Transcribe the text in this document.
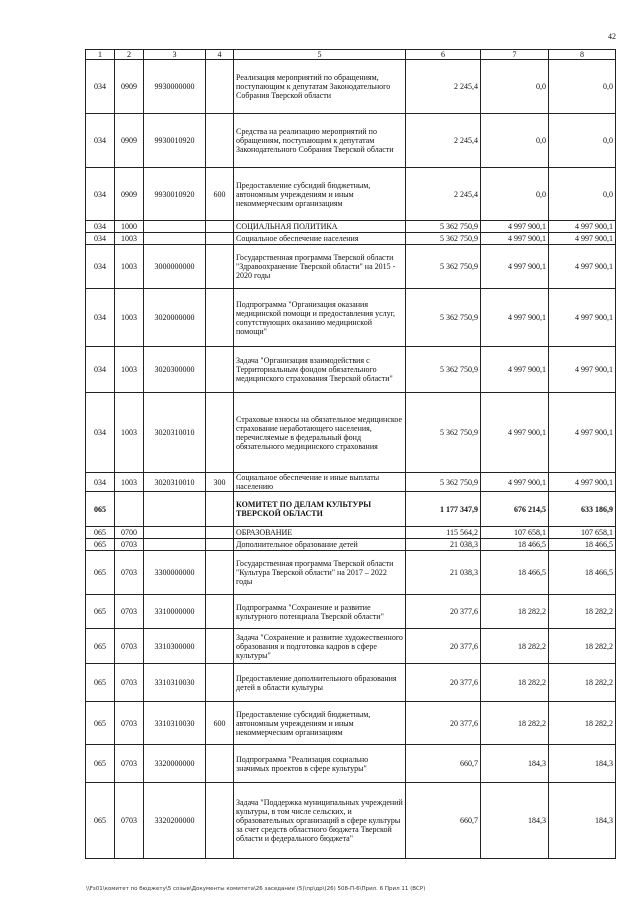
42
1	2	3	4	5	6	7	8
034	0909	9930000000		Реализация мероприятий по обращениям, поступающим к депутатам Законодательного Собрания Тверской области	2 245,4	0,0	0,0
034	0909	9930010920		Средства на реализацию мероприятий по обращениям, поступающим к депутатам Законодательного Собрания Тверской области	2 245,4	0,0	0,0
034	0909	9930010920	600	Предоставление субсидий бюджетным, автономным учреждениям и иным некоммерческим организациям	2 245,4	0,0	0,0
034	1000			СОЦИАЛЬНАЯ ПОЛИТИКА	5 362 750,9	4 997 900,1	4 997 900,1
034	1003			Социальное обеспечение населения	5 362 750,9	4 997 900,1	4 997 900,1
034	1003	3000000000		Государственная программа Тверской области "Здравоохранение Тверской области" на 2015 - 2020 годы	5 362 750,9	4 997 900,1	4 997 900,1
034	1003	3020000000		Подпрограмма "Организация оказания медицинской помощи и предоставления услуг, сопутствующих оказанию медицинской помощи"	5 362 750,9	4 997 900,1	4 997 900,1
034	1003	3020300000		Задача "Организация взаимодействия с Территориальным фондом обязательного медицинского страхования Тверской области"	5 362 750,9	4 997 900,1	4 997 900,1
034	1003	3020310010		Страховые взносы на обязательное медицинское страхование неработающего населения, перечисляемые в федеральный фонд обязательного медицинского страхования	5 362 750,9	4 997 900,1	4 997 900,1
034	1003	3020310010	300	Социальное обеспечение и иные выплаты населению	5 362 750,9	4 997 900,1	4 997 900,1
065				КОМИТЕТ ПО ДЕЛАМ КУЛЬТУРЫ ТВЕРСКОЙ ОБЛАСТИ	1 177 347,9	676 214,5	633 186,9
065	0700			ОБРАЗОВАНИЕ	115 564,2	107 658,1	107 658,1
065	0703			Дополнительное образование детей	21 038,3	18 466,5	18 466,5
065	0703	3300000000		Государственная программа Тверской области "Культура Тверской области" на 2017 – 2022 годы	21 038,3	18 466,5	18 466,5
065	0703	3310000000		Подпрограмма "Сохранение и развитие культурного потенциала Тверской области"	20 377,6	18 282,2	18 282,2
065	0703	3310300000		Задача "Сохранение и развитие художественного образования и подготовка кадров в сфере культуры"	20 377,6	18 282,2	18 282,2
065	0703	3310310030		Предоставление дополнительного образования детей в области культуры	20 377,6	18 282,2	18 282,2
065	0703	3310310030	600	Предоставление субсидий бюджетным, автономным учреждениям и иным некоммерческим организациям	20 377,6	18 282,2	18 282,2
065	0703	3320000000		Подпрограмма "Реализация социально значимых проектов в сфере культуры"	660,7	184,3	184,3
065	0703	3320200000		Задача "Поддержка муниципальных учреждений культуры, в том числе сельских, и образовательных организаций в сфере культуры за счет средств областного бюджета Тверской области и федерального бюджета"	660,7	184,3	184,3
\\Fs01\комитет по бюджету\5 созыв\Документы комитета\26 заседание (5)\пр\др\(26) 508-П-6\Прил. 6 Прил 11 (ВСР)
